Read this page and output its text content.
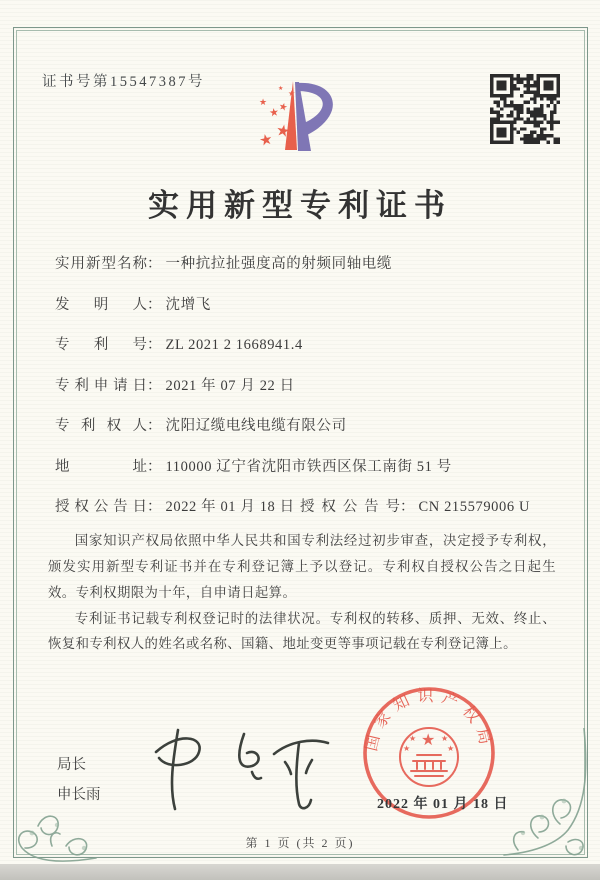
证书号第15547387号
★ ★
★
★ ★
★
★
实用新型专利证书
实用新型名称： 一种抗拉扯强度高的射频同轴电缆
发明人： 沈增飞
专利号： ZL 2021 2 1668941.4
专利申请日： 2021 年 07 月 22 日
专利权人： 沈阳辽缆电线电缆有限公司
地址： 110000 辽宁省沈阳市铁西区保工南街 51 号
授权公告日： 2022 年 01 月 18 日 授权公告号： CN 215579006 U

国家知识产权局依照中华人民共和国专利法经过初步审查，决定授予专利权，颁发实用新型专利证书并在专利登记簿上予以登记。专利权自授权公告之日起生效。专利权期限为十年，自申请日起算。

专利证书记载专利权登记时的法律状况。专利权的转移、质押、无效、终止、恢复和专利权人的姓名或名称、国籍、地址变更等事项记载在专利登记簿上。

局长
申长雨
国家知识产权局
★
★
★
★
★
2022 年 01 月 18 日
第 1 页 (共 2 页)
